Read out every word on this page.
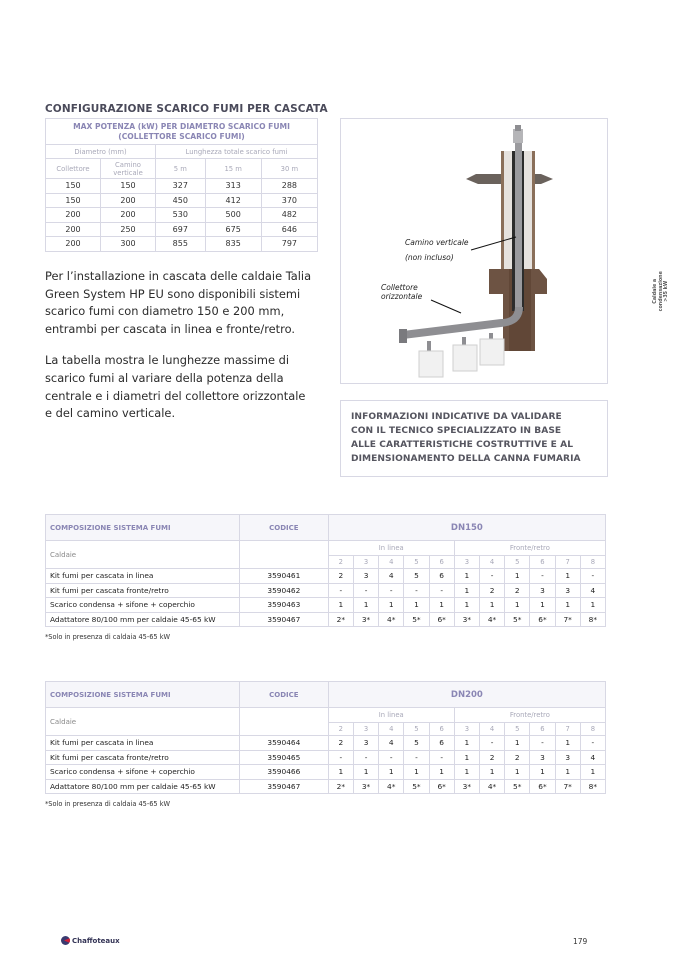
CONFIGURAZIONE SCARICO FUMI PER CASCATA
MAX POTENZA (kW) PER DIAMETRO SCARICO FUMI
(COLLETTORE SCARICO FUMI)				

Diametro (mm)		Lunghezza totale scarico fumi		
Collettore	Camino verticale	5 m	15 m	30 m
150	150	327	313	288
150	200	450	412	370
200	200	530	500	482
200	250	697	675	646
200	300	855	835	797

Per l’installazione in cascata delle caldaie Talia Green System HP EU sono disponibili sistemi scarico fumi con diametro 150 e 200 mm, entrambi per cascata in linea e fronte/retro.

La tabella mostra le lunghezze massime di scarico fumi al variare della potenza della centrale e i diametri del collettore orizzontale e del camino verticale.

Camino verticale
(non incluso)
Collettore
orizzontale
INFORMAZIONI INDICATIVE DA VALIDARE
CON IL TECNICO SPECIALIZZATO IN BASE
ALLE CARATTERISTICHE COSTRUTTIVE E AL
DIMENSIONAMENTO DELLA CANNA FUMARIA
Caldaie a condensazione >35 kW
COMPOSIZIONE SISTEMA FUMI	CODICE	DN150										
Caldaie		In linea					Fronte/retro					
		2	3	4	5	6	3	4	5	6	7	8
Kit fumi per cascata in linea	3590461	2	3	4	5	6	1	-	1	-	1	-
Kit fumi per cascata fronte/retro	3590462	-	-	-	-	-	1	2	2	3	3	4
Scarico condensa + sifone + coperchio	3590463	1	1	1	1	1	1	1	1	1	1	1
Adattatore 80/100 mm per caldaie 45-65 kW	3590467	2*	3*	4*	5*	6*	3*	4*	5*	6*	7*	8*
*Solo in presenza di caldaia 45-65 kW
COMPOSIZIONE SISTEMA FUMI	CODICE	DN200										
Caldaie		In linea					Fronte/retro					
		2	3	4	5	6	3	4	5	6	7	8
Kit fumi per cascata in linea	3590464	2	3	4	5	6	1	-	1	-	1	-
Kit fumi per cascata fronte/retro	3590465	-	-	-	-	-	1	2	2	3	3	4
Scarico condensa + sifone + coperchio	3590466	1	1	1	1	1	1	1	1	1	1	1
Adattatore 80/100 mm per caldaie 45-65 kW	3590467	2*	3*	4*	5*	6*	3*	4*	5*	6*	7*	8*
*Solo in presenza di caldaia 45-65 kW
Chaffoteaux	179
